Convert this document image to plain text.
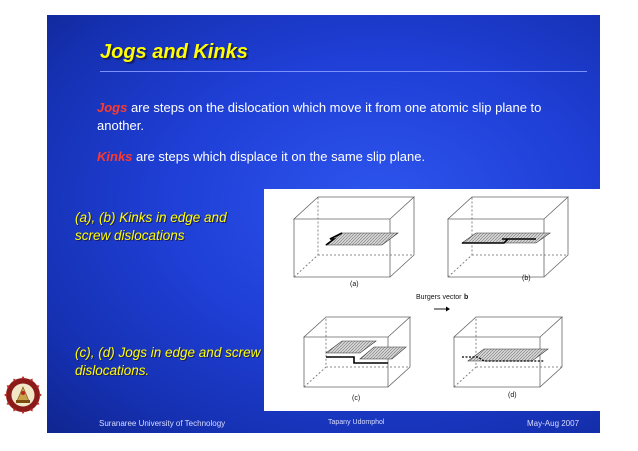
Jogs and Kinks

Jogs are steps on the dislocation which move it from one atomic slip plane to another.

Kinks are steps which displace it on the same slip plane.

(a), (b) Kinks in edge and screw dislocations

(c), (d) Jogs in edge and screw dislocations.

(a)
(b)
Burgers vector b
(c)	(d)

Suranaree University of Technology	Tapany Udomphol	May-Aug 2007
